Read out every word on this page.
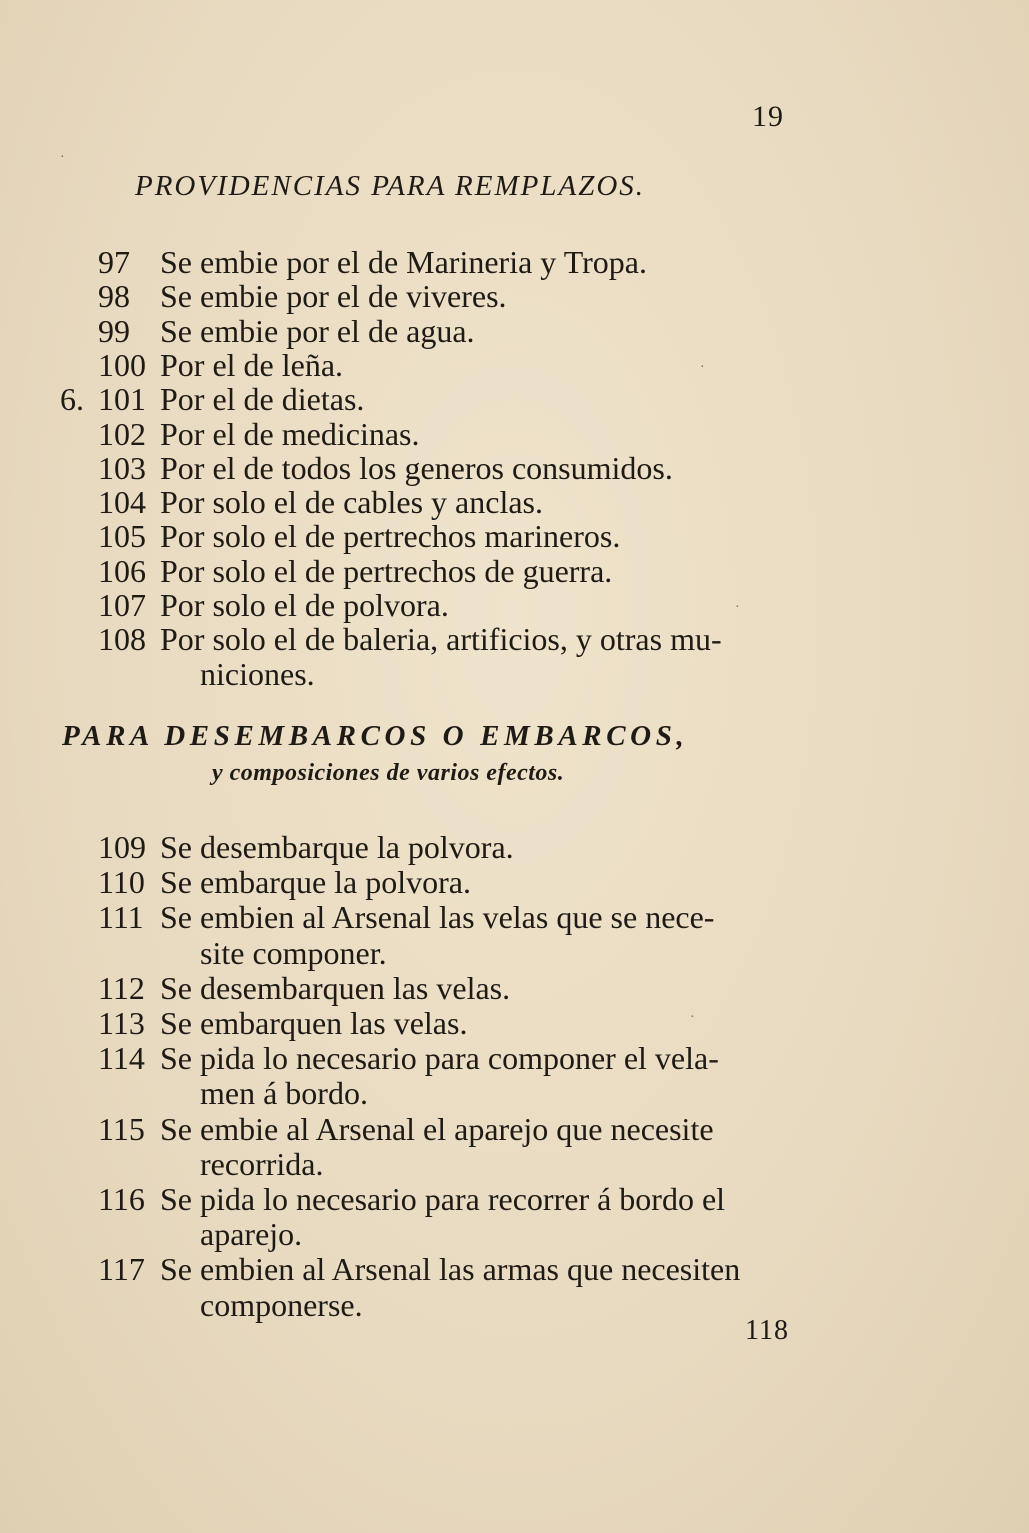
19
PROVIDENCIAS PARA REMPLAZOS.
97 Se embie por el de Marineria y Tropa.
98 Se embie por el de viveres.
99 Se embie por el de agua.
100 Por el de leña.
6. 101 Por el de dietas.
102 Por el de medicinas.
103 Por el de todos los generos consumidos.
104 Por solo el de cables y anclas.
105 Por solo el de pertrechos marineros.
106 Por solo el de pertrechos de guerra.
107 Por solo el de polvora.
108 Por solo el de baleria, artificios, y otras mu-
niciones.
PARA DESEMBARCOS O EMBARCOS,
y composiciones de varios efectos.
109 Se desembarque la polvora.
110 Se embarque la polvora.
111 Se embien al Arsenal las velas que se nece-
site componer.
112 Se desembarquen las velas.
113 Se embarquen las velas.
114 Se pida lo necesario para componer el vela-
men á bordo.
115 Se embie al Arsenal el aparejo que necesite
recorrida.
116 Se pida lo necesario para recorrer á bordo el
aparejo.
117 Se embien al Arsenal las armas que necesiten
componerse.
118
·
·
·
·
